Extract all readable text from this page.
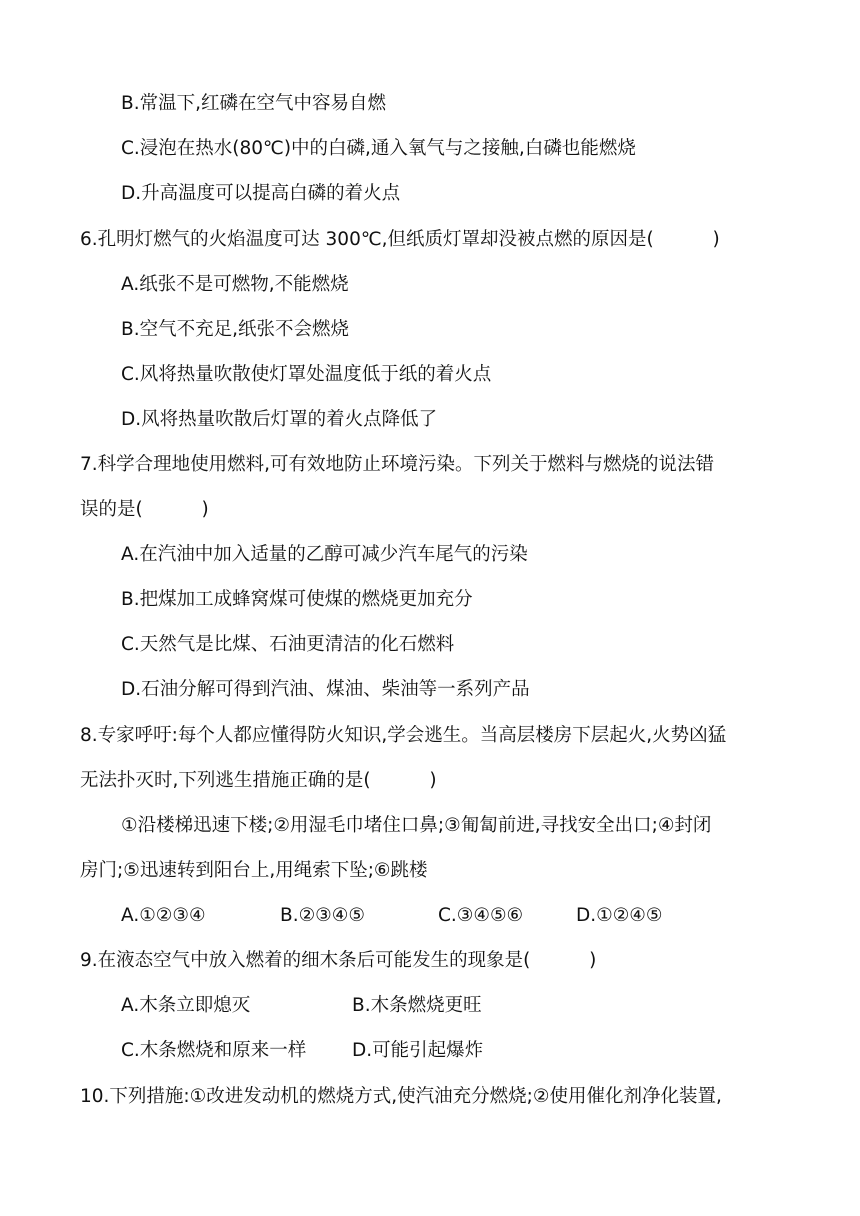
B.常温下,红磷在空气中容易自燃
C.浸泡在热水(80℃)中的白磷,通入氧气与之接触,白磷也能燃烧
D.升高温度可以提高白磷的着火点
6.孔明灯燃气的火焰温度可达 300℃,但纸质灯罩却没被点燃的原因是(          )
A.纸张不是可燃物,不能燃烧
B.空气不充足,纸张不会燃烧
C.风将热量吹散使灯罩处温度低于纸的着火点
D.风将热量吹散后灯罩的着火点降低了
7.科学合理地使用燃料,可有效地防止环境污染。下列关于燃料与燃烧的说法错
误的是(          )
A.在汽油中加入适量的乙醇可减少汽车尾气的污染
B.把煤加工成蜂窝煤可使煤的燃烧更加充分
C.天然气是比煤、石油更清洁的化石燃料
D.石油分解可得到汽油、煤油、柴油等一系列产品
8.专家呼吁:每个人都应懂得防火知识,学会逃生。当高层楼房下层起火,火势凶猛
无法扑灭时,下列逃生措施正确的是(          )
①沿楼梯迅速下楼;②用湿毛巾堵住口鼻;③匍匐前进,寻找安全出口;④封闭
房门;⑤迅速转到阳台上,用绳索下坠;⑥跳楼
A.①②③④	B.②③④⑤	C.③④⑤⑥	D.①②④⑤
9.在液态空气中放入燃着的细木条后可能发生的现象是(          )
A.木条立即熄灭	B.木条燃烧更旺
C.木条燃烧和原来一样 D.可能引起爆炸
10.下列措施:①改进发动机的燃烧方式,使汽油充分燃烧;②使用催化剂净化装置,
